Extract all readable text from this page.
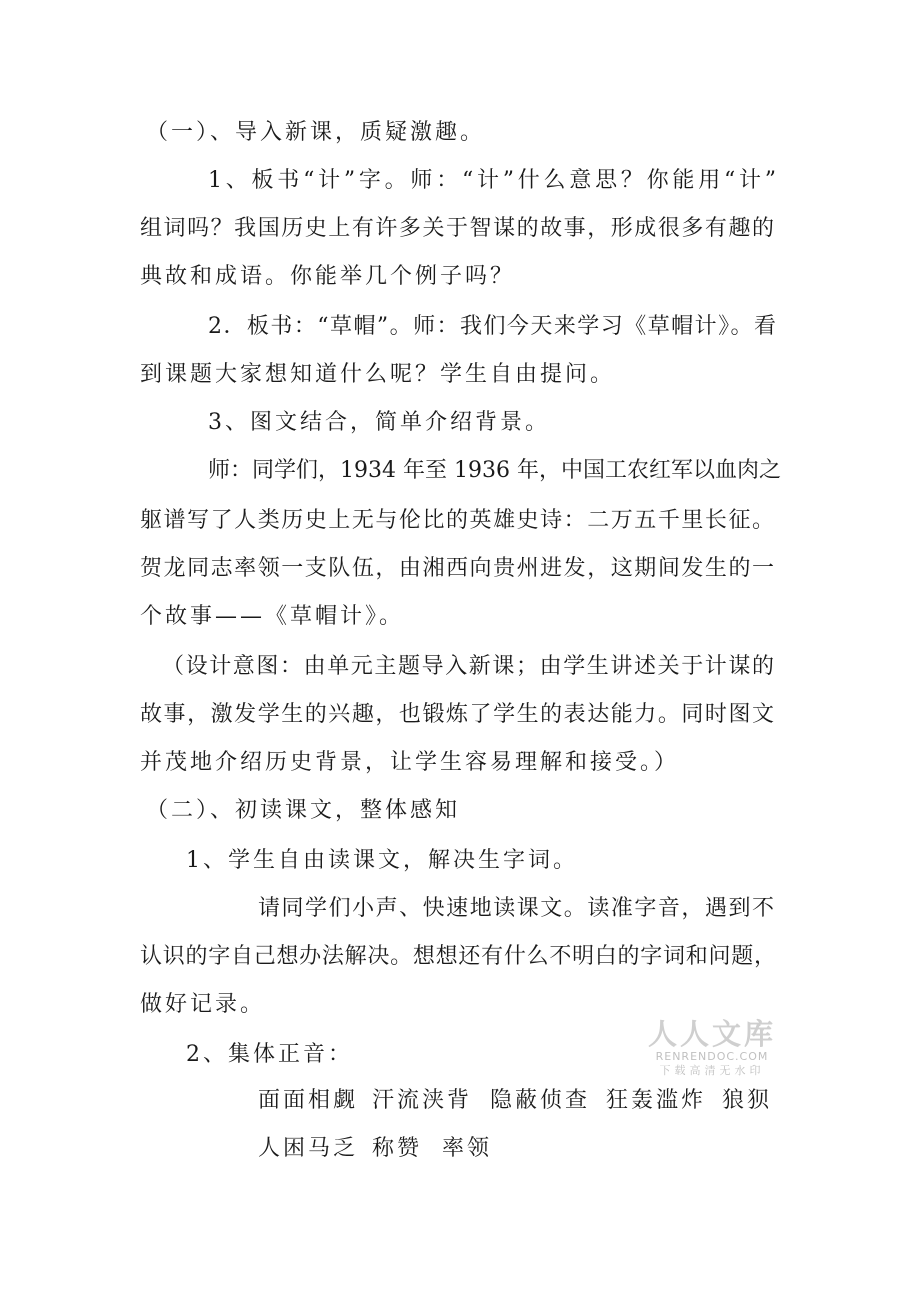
（一）、导入新课，质疑激趣。
1、板书“计”字。师：“计”什么意思？你能用“计”
组词吗？我国历史上有许多关于智谋的故事，形成很多有趣的
典故和成语。你能举几个例子吗？
2．板书：“草帽”。师：我们今天来学习《草帽计》。看
到课题大家想知道什么呢？学生自由提问。
3、图文结合，简单介绍背景。
师：同学们，1934 年至 1936 年，中国工农红军以血肉之
躯谱写了人类历史上无与伦比的英雄史诗：二万五千里长征。
贺龙同志率领一支队伍，由湘西向贵州进发，这期间发生的一
个故事——《草帽计》。
（设计意图：由单元主题导入新课；由学生讲述关于计谋的
故事，激发学生的兴趣，也锻炼了学生的表达能力。同时图文
并茂地介绍历史背景，让学生容易理解和接受。）
（二）、初读课文，整体感知
1、学生自由读课文，解决生字词。
请同学们小声、快速地读课文。读准字音，遇到不
认识的字自己想办法解决。想想还有什么不明白的字词和问题，
做好记录。
2、集体正音：
面面相觑 汗流浃背 隐蔽侦查 狂轰滥炸 狼狈
人困马乏 称赞 率领
人人文库
RENRENDOC.COM
下载高清无水印
